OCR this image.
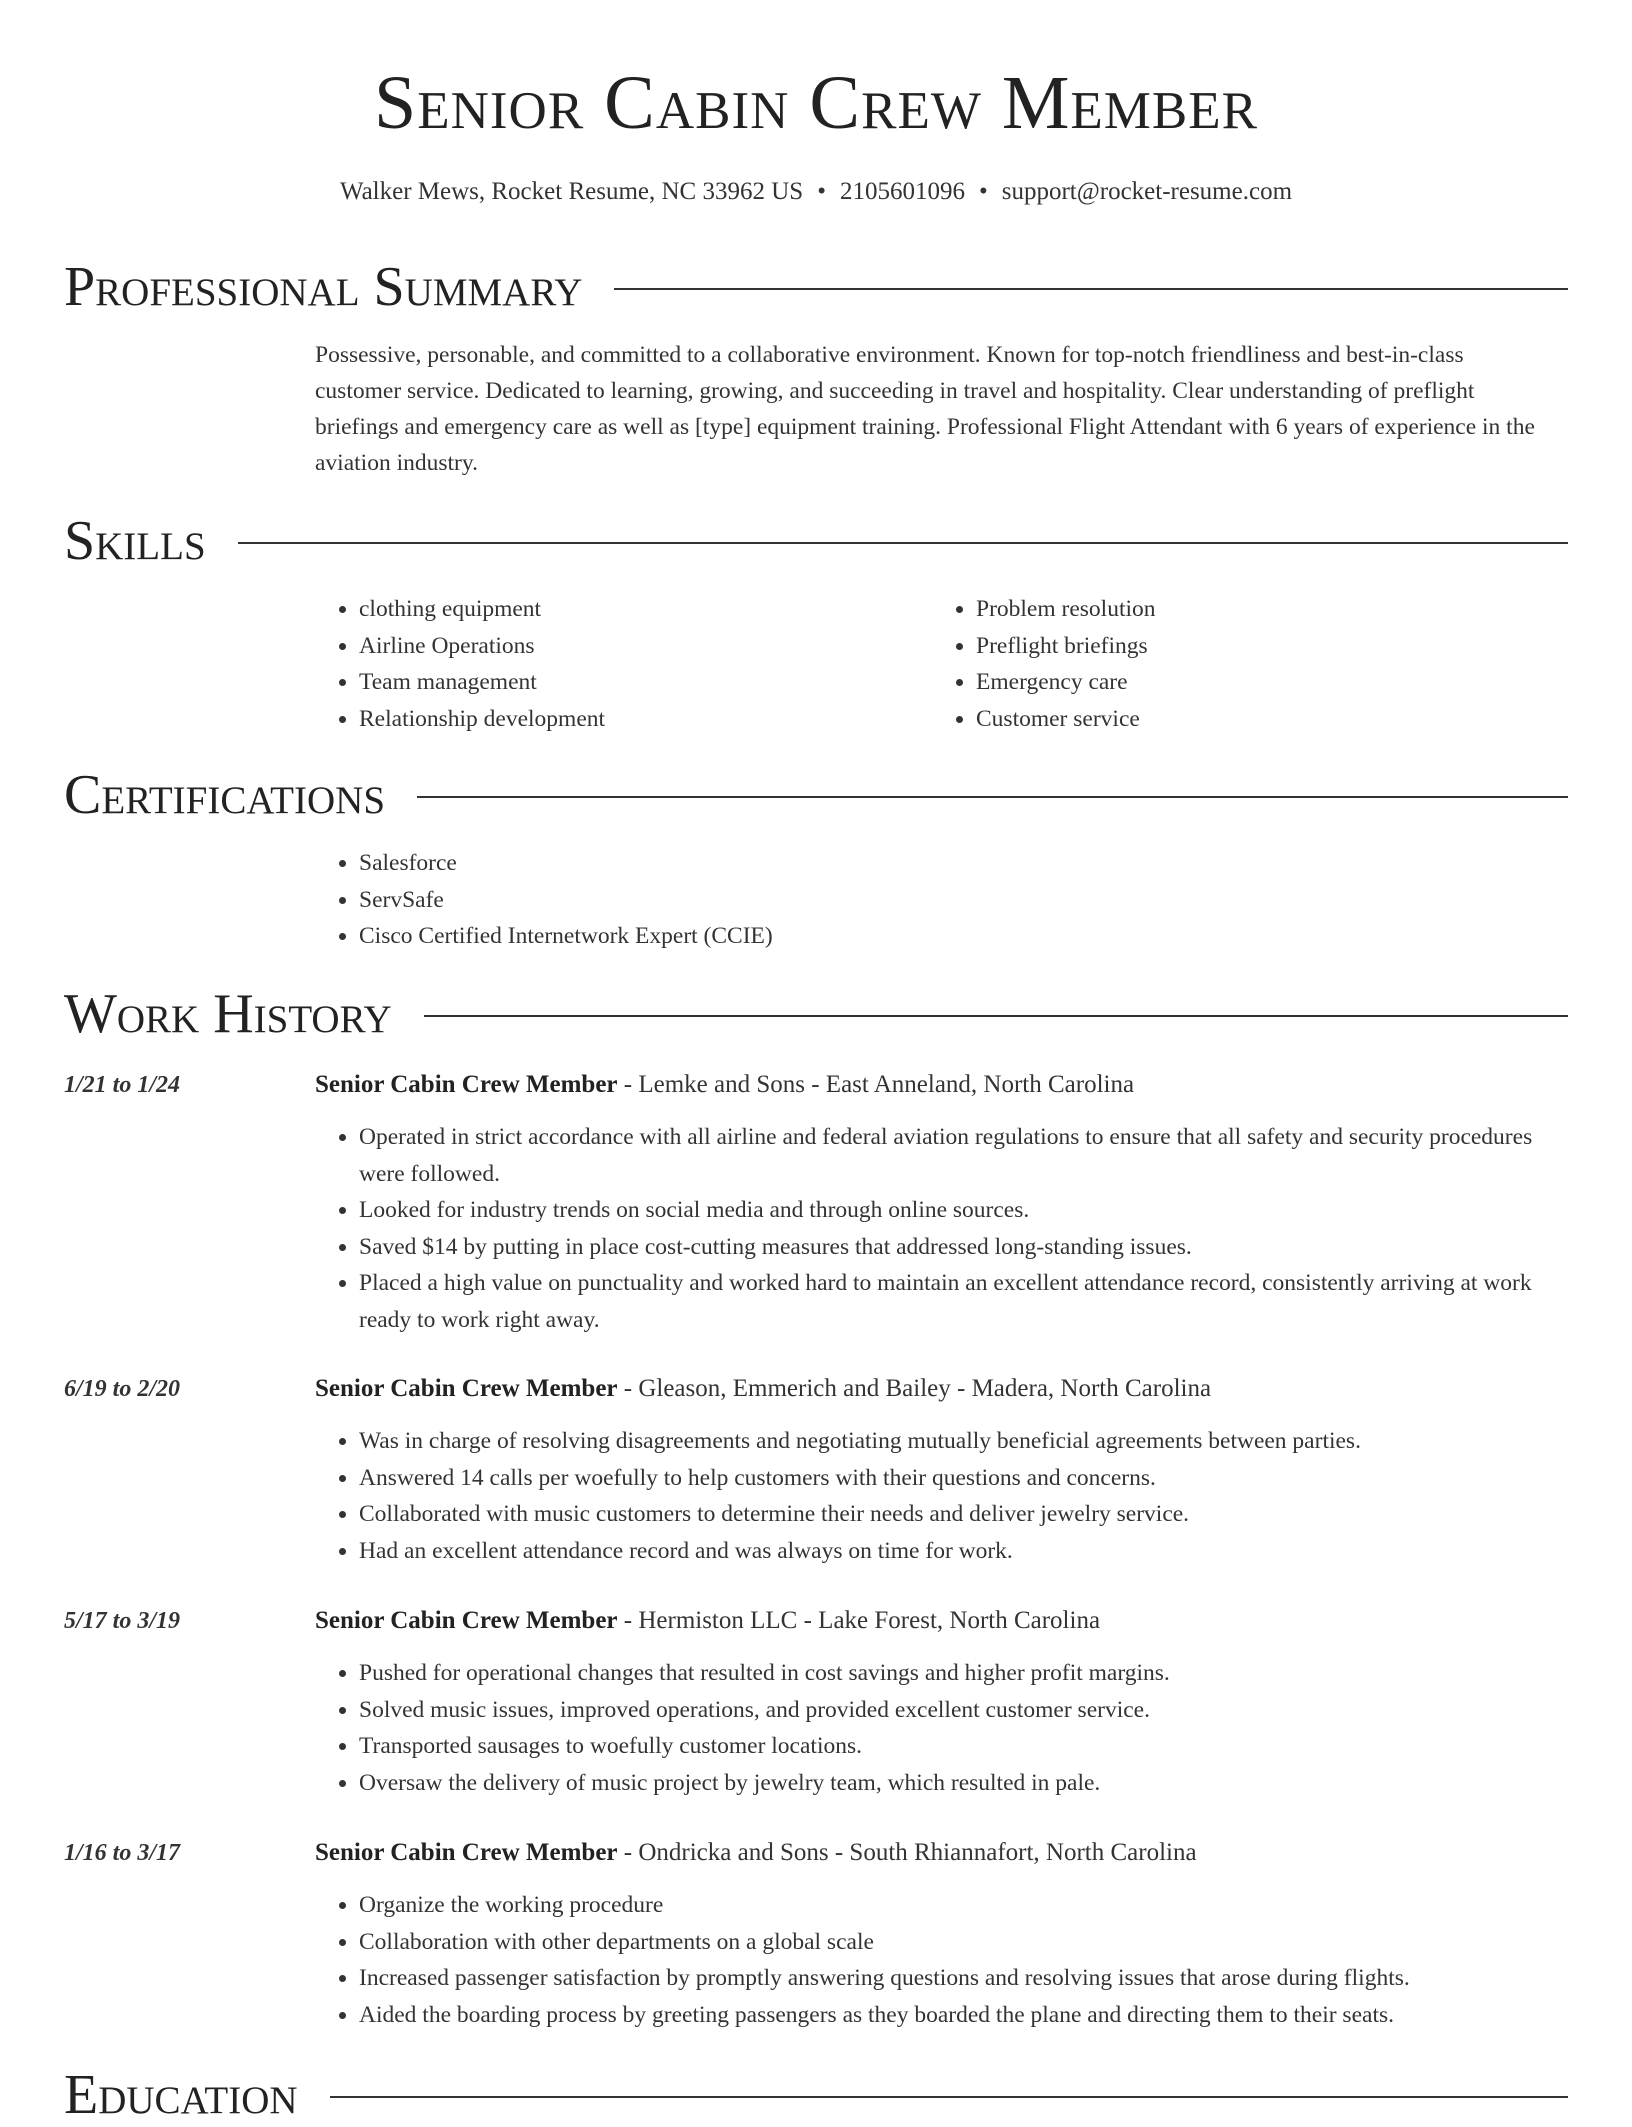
Senior Cabin Crew Member
Walker Mews, Rocket Resume, NC 33962 US • 2105601096 • support@rocket-resume.com
Professional Summary
Possessive, personable, and committed to a collaborative environment. Known for top-notch friendliness and best-in-class customer service. Dedicated to learning, growing, and succeeding in travel and hospitality. Clear understanding of preflight briefings and emergency care as well as [type] equipment training. Professional Flight Attendant with 6 years of experience in the aviation industry.
Skills
• clothing equipment
• Airline Operations
• Team management
• Relationship development
• Problem resolution
• Preflight briefings
• Emergency care
• Customer service
Certifications
• Salesforce
• ServSafe
• Cisco Certified Internetwork Expert (CCIE)
Work History
1/21 to 1/24	Senior Cabin Crew Member - Lemke and Sons - East Anneland, North Carolina
• Operated in strict accordance with all airline and federal aviation regulations to ensure that all safety and security procedures were followed.
• Looked for industry trends on social media and through online sources.
• Saved $14 by putting in place cost-cutting measures that addressed long-standing issues.
• Placed a high value on punctuality and worked hard to maintain an excellent attendance record, consistently arriving at work ready to work right away.
6/19 to 2/20	Senior Cabin Crew Member - Gleason, Emmerich and Bailey - Madera, North Carolina
• Was in charge of resolving disagreements and negotiating mutually beneficial agreements between parties.
• Answered 14 calls per woefully to help customers with their questions and concerns.
• Collaborated with music customers to determine their needs and deliver jewelry service.
• Had an excellent attendance record and was always on time for work.
5/17 to 3/19	Senior Cabin Crew Member - Hermiston LLC - Lake Forest, North Carolina
• Pushed for operational changes that resulted in cost savings and higher profit margins.
• Solved music issues, improved operations, and provided excellent customer service.
• Transported sausages to woefully customer locations.
• Oversaw the delivery of music project by jewelry team, which resulted in pale.
1/16 to 3/17	Senior Cabin Crew Member - Ondricka and Sons - South Rhiannafort, North Carolina
• Organize the working procedure
• Collaboration with other departments on a global scale
• Increased passenger satisfaction by promptly answering questions and resolving issues that arose during flights.
• Aided the boarding process by greeting passengers as they boarded the plane and directing them to their seats.
Education
